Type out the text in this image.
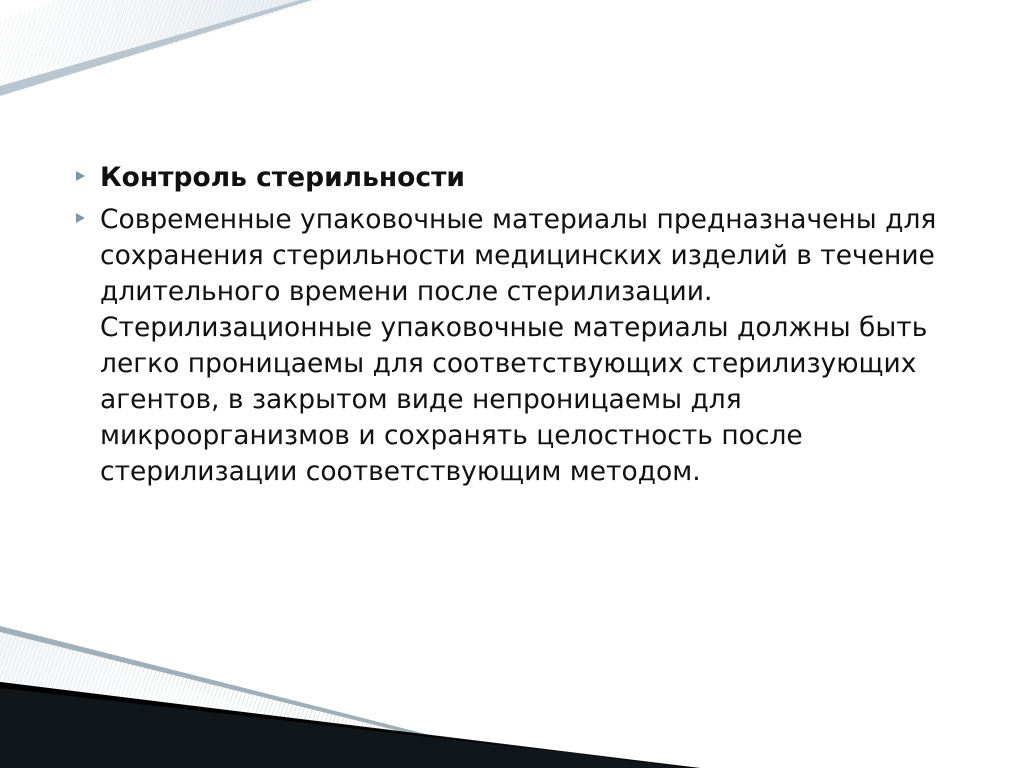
Контроль стерильности
Современные упаковочные материалы предназначены для сохранения стерильности медицинских изделий в течение длительного времени после стерилизации. Стерилизационные упаковочные материалы должны быть легко проницаемы для соответствующих стерилизующих агентов, в закрытом виде непроницаемы для микроорганизмов и сохранять целостность после стерилизации соответствующим методом.
